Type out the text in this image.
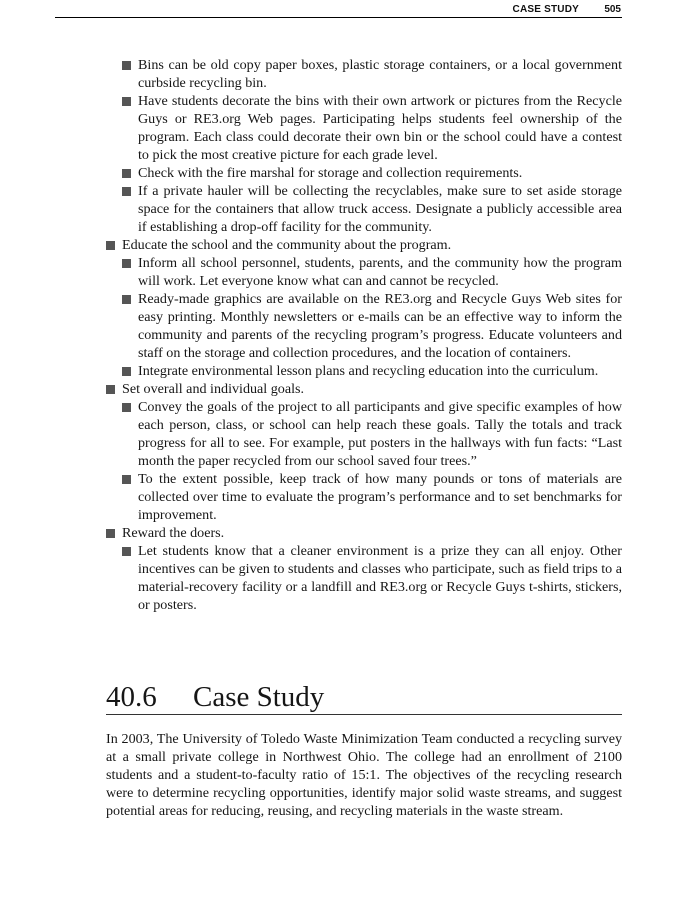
CASE STUDY	505
Bins can be old copy paper boxes, plastic storage containers, or a local government curbside recycling bin.
Have students decorate the bins with their own artwork or pictures from the Recycle Guys or RE3.org Web pages. Participating helps students feel ownership of the program. Each class could decorate their own bin or the school could have a contest to pick the most creative picture for each grade level.
Check with the fire marshal for storage and collection requirements.
If a private hauler will be collecting the recyclables, make sure to set aside storage space for the containers that allow truck access. Designate a publicly accessible area if establishing a drop-off facility for the community.
Educate the school and the community about the program.
Inform all school personnel, students, parents, and the community how the program will work. Let everyone know what can and cannot be recycled.
Ready-made graphics are available on the RE3.org and Recycle Guys Web sites for easy printing. Monthly newsletters or e-mails can be an effective way to inform the community and parents of the recycling program’s progress. Educate volunteers and staff on the storage and collection procedures, and the location of containers.
Integrate environmental lesson plans and recycling education into the curriculum.
Set overall and individual goals.
Convey the goals of the project to all participants and give specific examples of how each person, class, or school can help reach these goals. Tally the totals and track progress for all to see. For example, put posters in the hallways with fun facts: “Last month the paper recycled from our school saved four trees.”
To the extent possible, keep track of how many pounds or tons of materials are collected over time to evaluate the program’s performance and to set benchmarks for improvement.
Reward the doers.
Let students know that a cleaner environment is a prize they can all enjoy. Other incentives can be given to students and classes who participate, such as field trips to a material-recovery facility or a landfill and RE3.org or Recycle Guys t-shirts, stickers, or posters.
40.6 Case Study
In 2003, The University of Toledo Waste Minimization Team conducted a recycling survey at a small private college in Northwest Ohio. The college had an enrollment of 2100 students and a student-to-faculty ratio of 15:1. The objectives of the recycling research were to determine recycling opportunities, identify major solid waste streams, and suggest potential areas for reducing, reusing, and recycling materials in the waste stream.
